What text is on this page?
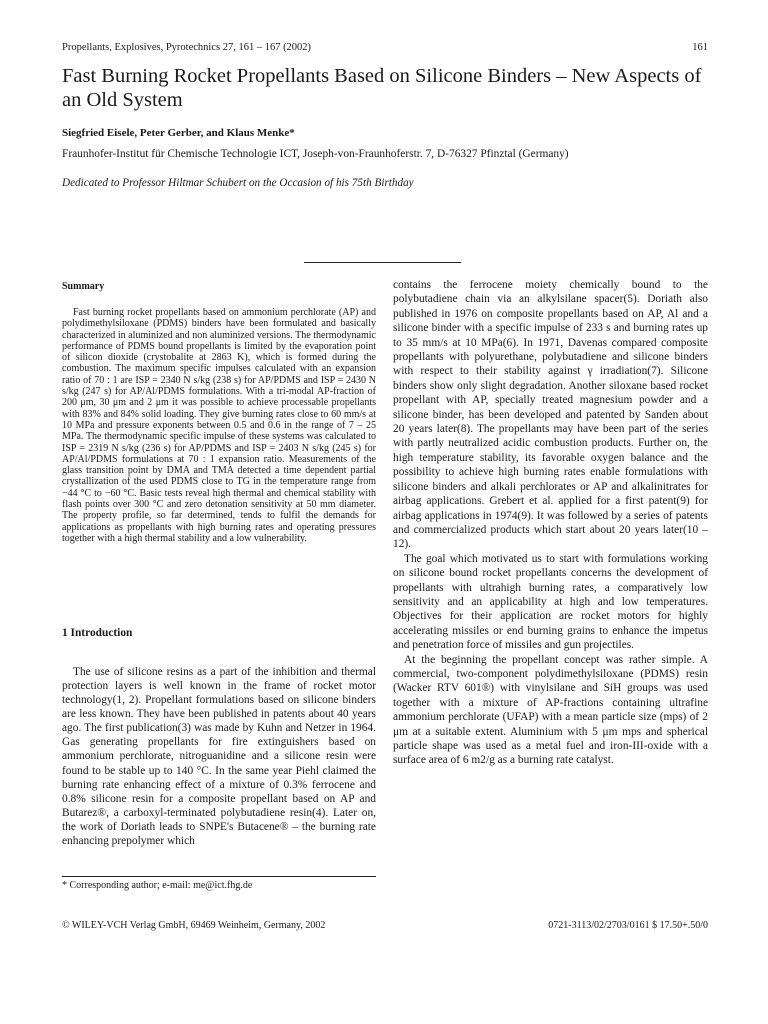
Propellants, Explosives, Pyrotechnics 27, 161 – 167 (2002)	161
Fast Burning Rocket Propellants Based on Silicone Binders – New Aspects of an Old System
Siegfried Eisele, Peter Gerber, and Klaus Menke*
Fraunhofer-Institut für Chemische Technologie ICT, Joseph-von-Fraunhoferstr. 7, D-76327 Pfinztal (Germany)
Dedicated to Professor Hiltmar Schubert on the Occasion of his 75th Birthday
Summary
Fast burning rocket propellants based on ammonium perchlorate (AP) and polydimethylsiloxane (PDMS) binders have been formulated and basically characterized in aluminized and non aluminized versions. The thermodynamic performance of PDMS bound propellants is limited by the evaporation point of silicon dioxide (crystobalite at 2863 K), which is formed during the combustion. The maximum specific impulses calculated with an expansion ratio of 70 : 1 are ISP = 2340 N s/kg (238 s) for AP/PDMS and ISP = 2430 N s/kg (247 s) for AP/Al/PDMS formulations. With a tri-modal AP-fraction of 200 μm, 30 μm and 2 μm it was possible to achieve processable propellants with 83% and 84% solid loading. They give burning rates close to 60 mm/s at 10 MPa and pressure exponents between 0.5 and 0.6 in the range of 7 – 25 MPa. The thermodynamic specific impulse of these systems was calculated to ISP = 2319 N s/kg (236 s) for AP/PDMS and ISP = 2403 N s/kg (245 s) for AP/Al/PDMS formulations at 70 : 1 expansion ratio. Measurements of the glass transition point by DMA and TMA detected a time dependent partial crystallization of the used PDMS close to TG in the temperature range from −44 °C to −60 °C. Basic tests reveal high thermal and chemical stability with flash points over 300 °C and zero detonation sensitivity at 50 mm diameter. The property profile, so far determined, tends to fulfil the demands for applications as propellants with high burning rates and operating pressures together with a high thermal stability and a low vulnerability.
1 Introduction
The use of silicone resins as a part of the inhibition and thermal protection layers is well known in the frame of rocket motor technology(1, 2). Propellant formulations based on silicone binders are less known. They have been published in patents about 40 years ago. The first publication(3) was made by Kuhn and Netzer in 1964. Gas generating propellants for fire extinguishers based on ammonium perchlorate, nitroguanidine and a silicone resin were found to be stable up to 140 °C. In the same year Piehl claimed the burning rate enhancing effect of a mixture of 0.3% ferrocene and 0.8% silicone resin for a composite propellant based on AP and Butarez®, a carboxyl-terminated polybutadiene resin(4). Later on, the work of Doriath leads to SNPE's Butacene® – the burning rate enhancing prepolymer which

contains the ferrocene moiety chemically bound to the polybutadiene chain via an alkylsilane spacer(5). Doriath also published in 1976 on composite propellants based on AP, Al and a silicone binder with a specific impulse of 233 s and burning rates up to 35 mm/s at 10 MPa(6). In 1971, Davenas compared composite propellants with polyurethane, polybutadiene and silicone binders with respect to their stability against γ irradiation(7). Silicone binders show only slight degradation. Another siloxane based rocket propellant with AP, specially treated magnesium powder and a silicone binder, has been developed and patented by Sanden about 20 years later(8). The propellants may have been part of the series with partly neutralized acidic combustion products. Further on, the high temperature stability, its favorable oxygen balance and the possibility to achieve high burning rates enable formulations with silicone binders and alkali perchlorates or AP and alkalinitrates for airbag applications. Grebert et al. applied for a first patent(9) for airbag applications in 1974(9). It was followed by a series of patents and commercialized products which start about 20 years later(10 – 12).

The goal which motivated us to start with formulations working on silicone bound rocket propellants concerns the development of propellants with ultrahigh burning rates, a comparatively low sensitivity and an applicability at high and low temperatures. Objectives for their application are rocket motors for highly accelerating missiles or end burning grains to enhance the impetus and penetration force of missiles and gun projectiles.

At the beginning the propellant concept was rather simple. A commercial, two-component polydimethylsiloxane (PDMS) resin (Wacker RTV 601®) with vinylsilane and SiH groups was used together with a mixture of AP-fractions containing ultrafine ammonium perchlorate (UFAP) with a mean particle size (mps) of 2 μm at a suitable extent. Aluminium with 5 μm mps and spherical particle shape was used as a metal fuel and iron-III-oxide with a surface area of 6 m2/g as a burning rate catalyst.

* Corresponding author; e-mail: me@ict.fhg.de
© WILEY-VCH Verlag GmbH, 69469 Weinheim, Germany, 2002	0721-3113/02/2703/0161 $ 17.50+.50/0
